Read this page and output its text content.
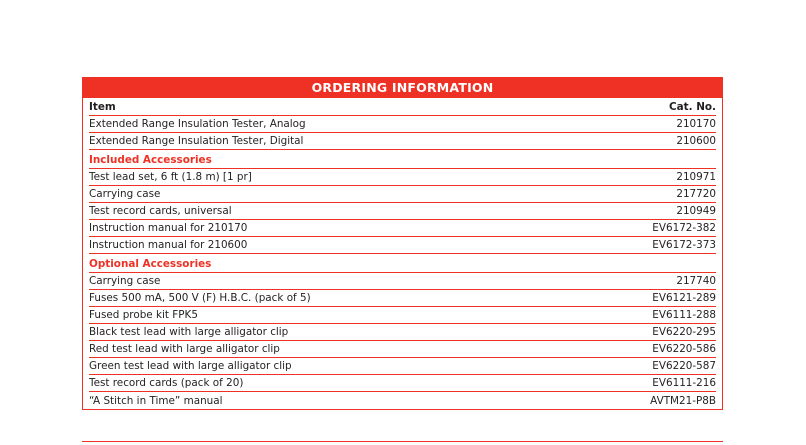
ORDERING INFORMATION
Item	Cat. No.
Extended Range Insulation Tester, Analog	210170
Extended Range Insulation Tester, Digital	210600
Included Accessories
Test lead set, 6 ft (1.8 m) [1 pr]	210971
Carrying case	217720
Test record cards, universal	210949
Instruction manual for 210170	EV6172-382
Instruction manual for 210600	EV6172-373
Optional Accessories
Carrying case	217740
Fuses 500 mA, 500 V (F) H.B.C. (pack of 5)	EV6121-289
Fused probe kit FPK5	EV6111-288
Black test lead with large alligator clip	EV6220-295
Red test lead with large alligator clip	EV6220-586
Green test lead with large alligator clip	EV6220-587
Test record cards (pack of 20)	EV6111-216
“A Stitch in Time” manual	AVTM21-P8B
